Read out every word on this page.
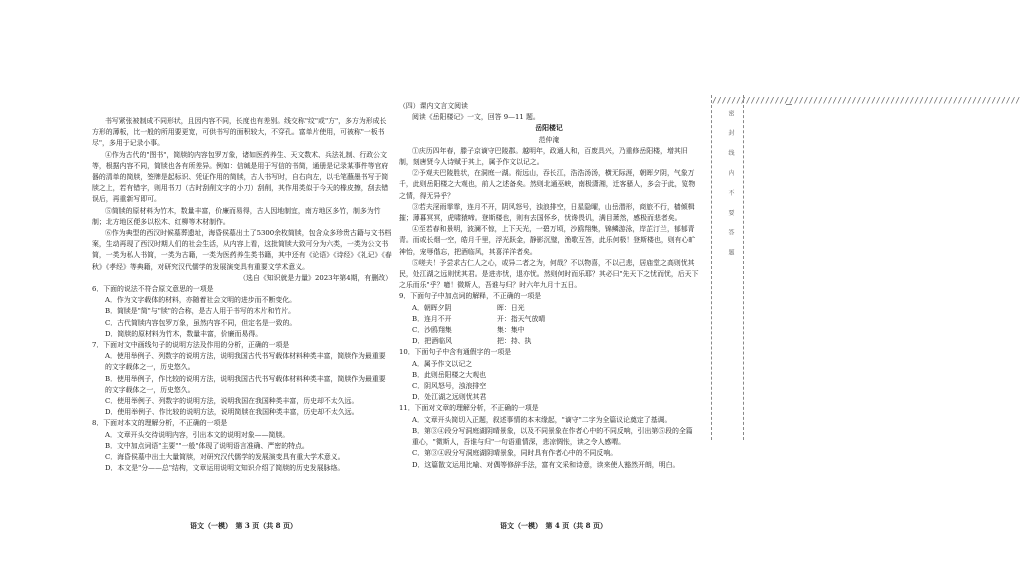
书写紧张被制成不同形状，且因内容不同，长度也有差别。线交称"纹"或"方"，多方为形成长方形的薄板，比一般的所用要更宽，可供书写的面积较大，不穿孔。富单片使用，可被称"一板书尽"，多用于记录小事。

④作为古代的"图书"，简牍的内容包罗万象，诸如医药养生、天文数术、兵法礼制、行政公文等，根据内容不同，简牍也各有所差异。例如：信缄是用于写信的书简，通册是记录某事件等官府器的清单的简牍，签牌是起标识、凭证作用的简牍，古人书写时，自右向左，以毛笔蘸墨书写于简牍之上，若有错字，则用书刀（古时刮削文字的小刀）刮削，其作用类似于今天的橡皮擦，刮去错误后，再重新写即可。

⑤简牍的原材料为竹木，数量丰富，价廉而易得，古人因地制宜，南方地区多竹，制多为竹制；北方地区便多以松木、红柳等木材制作。

⑥作为典型的西汉时候墓葬遗址，海昏侯墓出土了5300余枚简牍，包含众多珍贵古籍与文书档案，生动再现了西汉时期人们的社会生活，从内容上看，这批简牍大致可分为六类，一类为公文书简，一类为私人书简，一类为古籍，一类为医药养生类书籍，其中还有《论语》《诗经》《礼记》《春秋》《孝经》等典籍，对研究汉代儒学的发展演变具有重要文学术意义。

（选自《知识就是力量》2023年第4期，有删改）

6．下面的说法不符合原文意思的一项是

A．作为文字载体的材料，亦随着社会文明的进步而不断变化。

B．简牍是"简"与"牍"的合称，是古人用于书写的木片和竹片。

C．古代简牍内容包罗万象，虽然内容不同，但定名是一致的。

D．简牍的原材料为竹木，数量丰富，价廉而易得。

7．下面对文中画线句子的说明方法及作用的分析，正确的一项是

A．使用举例子、列数字的说明方法，说明我国古代书写载体材料种类丰富，简牍作为最重要的文字载体之一，历史悠久。

B．使用举例子，作比较的说明方法，说明我国古代书写载体材料种类丰富，简牍作为最重要的文字载体之一，历史悠久。

C．使用举例子、列数字的说明方法，说明我国在我国种类丰富，历史却不太久远。

D．使用举例子、作比较的说明方法，说明简牍在我国种类丰富，历史却不太久远。

8．下面对本文的理解分析，不正确的一项是

A．文章开头交待说明内容，引出本文的说明对象——简牍。

B．文中加点词语"主要""一般"体现了说明语言准确、严密的特点。

C．海昏侯墓中出土大量简牍，对研究汉代儒学的发展演变具有重大学术意义。

D．本文是"分——总"结构，文章运用说明文知识介绍了简牍的历史发展脉络。

语文（一模）　第 3 页（共 8 页）

（四）课内文言文阅读

阅读《岳阳楼记》一文，回答 9—11 题。

岳阳楼记

范仲淹

①庆历四年春，滕子京谪守巴陵郡。越明年，政通人和，百废具兴，乃重修岳阳楼，增其旧制，刻唐贤今人诗赋于其上，属予作文以记之。

②予观夫巴陵胜状，在洞庭一湖。衔远山，吞长江，浩浩汤汤，横无际涯，朝晖夕阴，气象万千，此则岳阳楼之大观也，前人之述备矣。然则北通巫峡，南极潇湘，迁客骚人，多会于此，览物之情，得无异乎？

③若夫淫雨霏霏，连月不开，阴风怒号，浊浪排空，日星隐曜，山岳潜形，商旅不行，樯倾楫摧；薄暮冥冥，虎啸猿啼。登斯楼也，则有去国怀乡，忧谗畏讥，满目萧然，感极而悲者矣。

④至若春和景明，波澜不惊，上下天光，一碧万顷，沙鸥翔集，锦鳞游泳，岸芷汀兰，郁郁青青。而或长烟一空，皓月千里，浮光跃金，静影沉璧，渔歌互答，此乐何极！登斯楼也，则有心旷神怡，宠辱偕忘，把酒临风，其喜洋洋者矣。

⑤嗟夫！予尝求古仁人之心，或异二者之为，何哉？不以物喜，不以己悲，居庙堂之高则忧其民，处江湖之远则忧其君。是进亦忧，退亦忧。然则何时而乐耶？其必曰"先天下之忧而忧，后天下之乐而乐"乎？噫！微斯人，吾谁与归？时六年九月十五日。

9．下面句子中加点词的解释，不正确的一项是

A．朝晖夕阴	晖：日光
B．连月不开	开：指天气放晴
C．沙鸥翔集	集：集中
D．把酒临风	把：持、执

10．下面句子中含有通假字的一项是

A．属予作文以记之

B．此则岳阳楼之大观也

C．阴风怒号，浊浪排空

D．处江湖之远则忧其君

11．下面对文章的理解分析，不正确的一项是

A．文章开头简切入正题，叙述事情的本末缘起，"谪守"二字为全篇议论奠定了基调。

B．第③④段分写洞庭湖阴晴景象，以及不同景象在作者心中的不同反响，引出第⑤段的全篇重心，"微斯人，吾谁与归"一句语重情深，悲凉惆怅，读之令人感喟。

C．第③④段分写洞庭湖阴晴景象，同时具有作者心中的不同反响。

D．这篇散文运用比喻、对偶等修辞手法，富有文采和诗意，读来使人豁然开朗，明白。

语文（一模）　第 4 页（共 8 页）
////////////////////////////////////////////////////////////////
密 封 线 内 不 要 答 题
